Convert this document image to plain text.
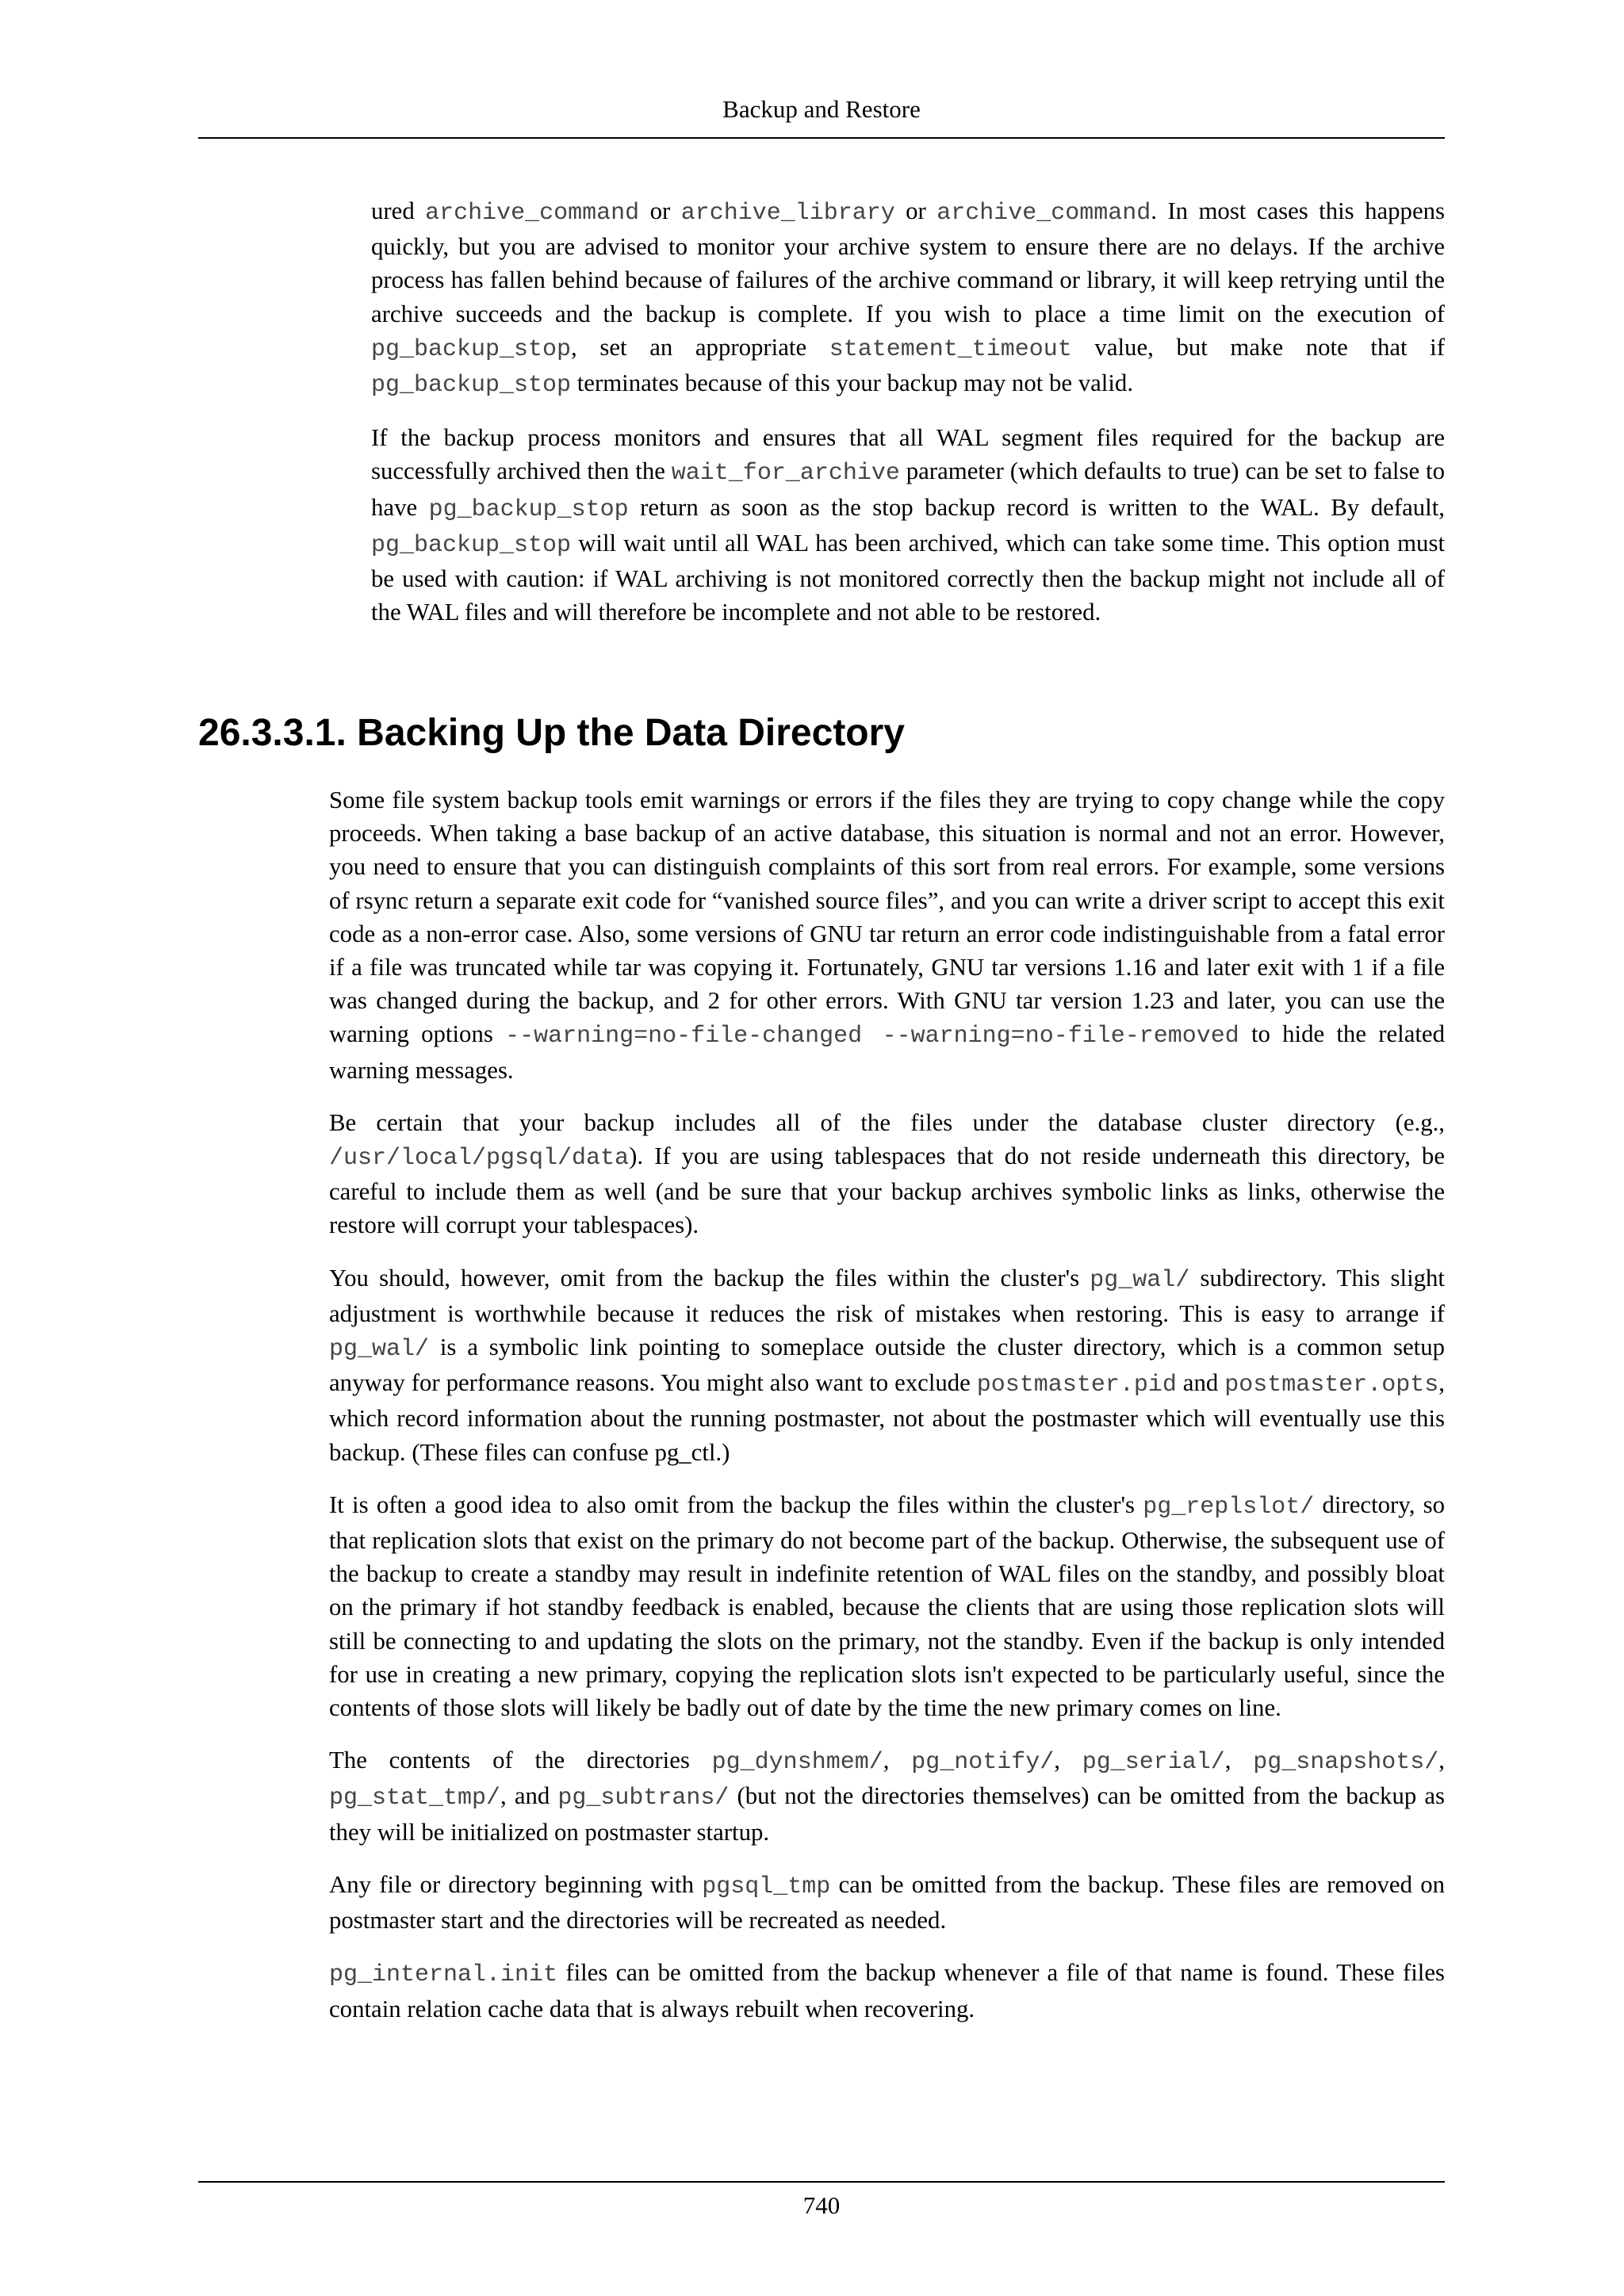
Backup and Restore

ured archive_command or archive_library or archive_command. In most cases this happens quickly, but you are advised to monitor your archive system to ensure there are no delays. If the archive process has fallen behind because of failures of the archive command or library, it will keep retrying until the archive succeeds and the backup is complete. If you wish to place a time limit on the execution of pg_backup_stop, set an appropriate statement_timeout value, but make note that if pg_backup_stop terminates because of this your backup may not be valid.

If the backup process monitors and ensures that all WAL segment files required for the backup are successfully archived then the wait_for_archive parameter (which defaults to true) can be set to false to have pg_backup_stop return as soon as the stop backup record is written to the WAL. By default, pg_backup_stop will wait until all WAL has been archived, which can take some time. This option must be used with caution: if WAL archiving is not monitored correctly then the backup might not include all of the WAL files and will therefore be incomplete and not able to be restored.

26.3.3.1. Backing Up the Data Directory

Some file system backup tools emit warnings or errors if the files they are trying to copy change while the copy proceeds. When taking a base backup of an active database, this situation is normal and not an error. However, you need to ensure that you can distinguish complaints of this sort from real errors. For example, some versions of rsync return a separate exit code for “vanished source files”, and you can write a driver script to accept this exit code as a non-error case. Also, some versions of GNU tar return an error code indistinguishable from a fatal error if a file was truncated while tar was copying it. Fortunately, GNU tar versions 1.16 and later exit with 1 if a file was changed during the backup, and 2 for other errors. With GNU tar version 1.23 and later, you can use the warning options --warning=no-file-changed --warning=no-file-removed to hide the related warning messages.

Be certain that your backup includes all of the files under the database cluster directory (e.g., /usr/local/pgsql/data). If you are using tablespaces that do not reside underneath this directory, be careful to include them as well (and be sure that your backup archives symbolic links as links, otherwise the restore will corrupt your tablespaces).

You should, however, omit from the backup the files within the cluster's pg_wal/ subdirectory. This slight adjustment is worthwhile because it reduces the risk of mistakes when restoring. This is easy to arrange if pg_wal/ is a symbolic link pointing to someplace outside the cluster directory, which is a common setup anyway for performance reasons. You might also want to exclude postmaster.pid and postmaster.opts, which record information about the running postmaster, not about the postmaster which will eventually use this backup. (These files can confuse pg_ctl.)

It is often a good idea to also omit from the backup the files within the cluster's pg_replslot/ directory, so that replication slots that exist on the primary do not become part of the backup. Otherwise, the subsequent use of the backup to create a standby may result in indefinite retention of WAL files on the standby, and possibly bloat on the primary if hot standby feedback is enabled, because the clients that are using those replication slots will still be connecting to and updating the slots on the primary, not the standby. Even if the backup is only intended for use in creating a new primary, copying the replication slots isn't expected to be particularly useful, since the contents of those slots will likely be badly out of date by the time the new primary comes on line.

The contents of the directories pg_dynshmem/, pg_notify/, pg_serial/, pg_snapshots/, pg_stat_tmp/, and pg_subtrans/ (but not the directories themselves) can be omitted from the backup as they will be initialized on postmaster startup.

Any file or directory beginning with pgsql_tmp can be omitted from the backup. These files are removed on postmaster start and the directories will be recreated as needed.

pg_internal.init files can be omitted from the backup whenever a file of that name is found. These files contain relation cache data that is always rebuilt when recovering.

740
